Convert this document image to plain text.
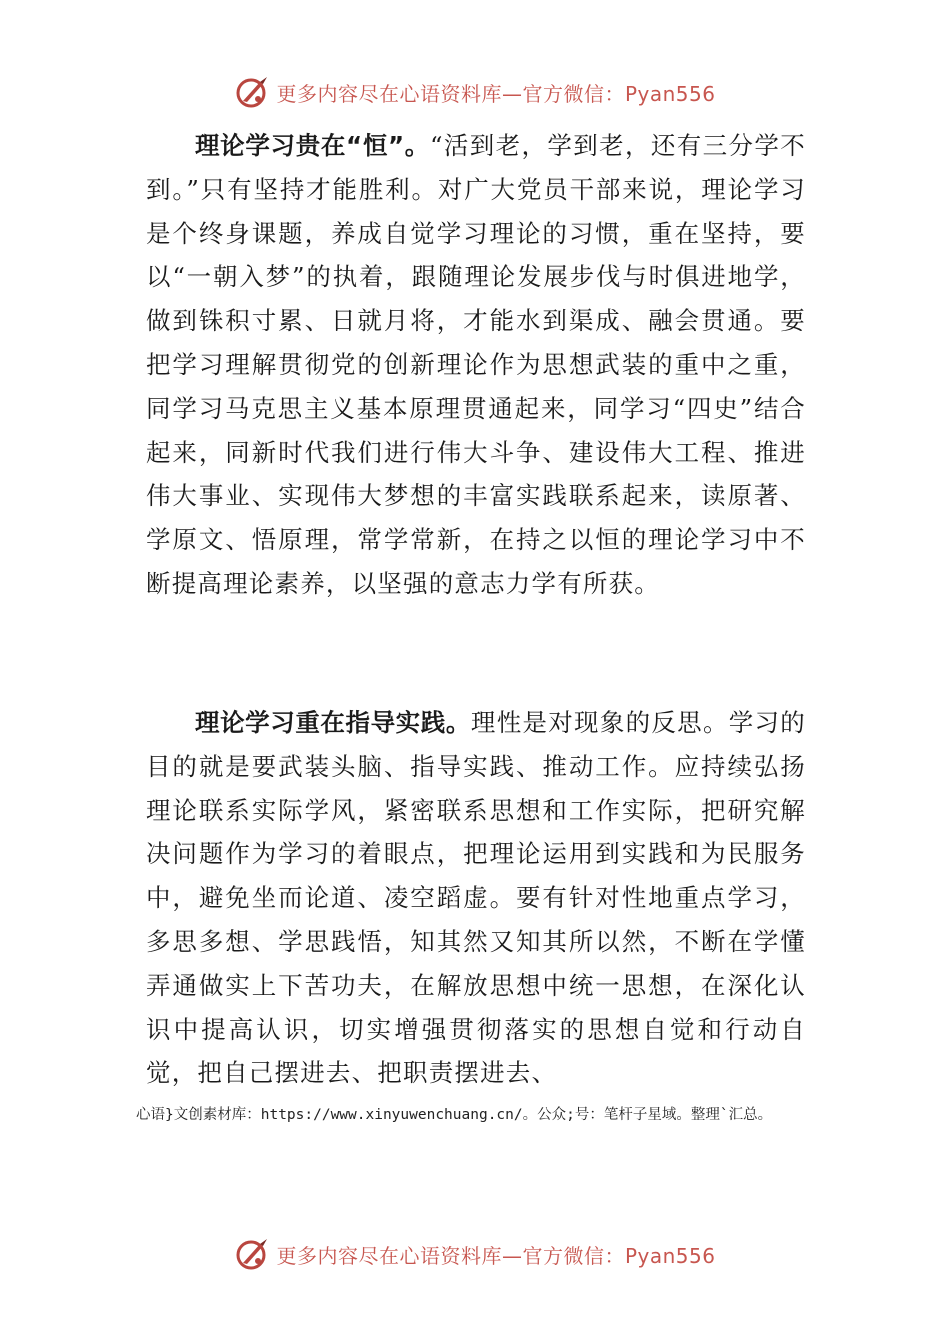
更多内容尽在心语资料库—官方微信：Pyan556

理论学习贵在“恒”。“活到老，学到老，还有三分学不到。”只有坚持才能胜利。对广大党员干部来说，理论学习是个终身课题，养成自觉学习理论的习惯，重在坚持，要以“一朝入梦”的执着，跟随理论发展步伐与时俱进地学，做到铢积寸累、日就月将，才能水到渠成、融会贯通。要把学习理解贯彻党的创新理论作为思想武装的重中之重，同学习马克思主义基本原理贯通起来，同学习“四史”结合起来，同新时代我们进行伟大斗争、建设伟大工程、推进伟大事业、实现伟大梦想的丰富实践联系起来，读原著、学原文、悟原理，常学常新，在持之以恒的理论学习中不断提高理论素养，以坚强的意志力学有所获。

理论学习重在指导实践。理性是对现象的反思。学习的目的就是要武装头脑、指导实践、推动工作。应持续弘扬理论联系实际学风，紧密联系思想和工作实际，把研究解决问题作为学习的着眼点，把理论运用到实践和为民服务中，避免坐而论道、凌空蹈虚。要有针对性地重点学习，多思多想、学思践悟，知其然又知其所以然，不断在学懂弄通做实上下苦功夫，在解放思想中统一思想，在深化认识中提高认识，切实增强贯彻落实的思想自觉和行动自觉，把自己摆进去、把职责摆进去、

心语}文创素材库：https://www.xinyuwenchuang.cn/。公众;号：笔杆子星域。整理`汇总。

更多内容尽在心语资料库—官方微信：Pyan556
